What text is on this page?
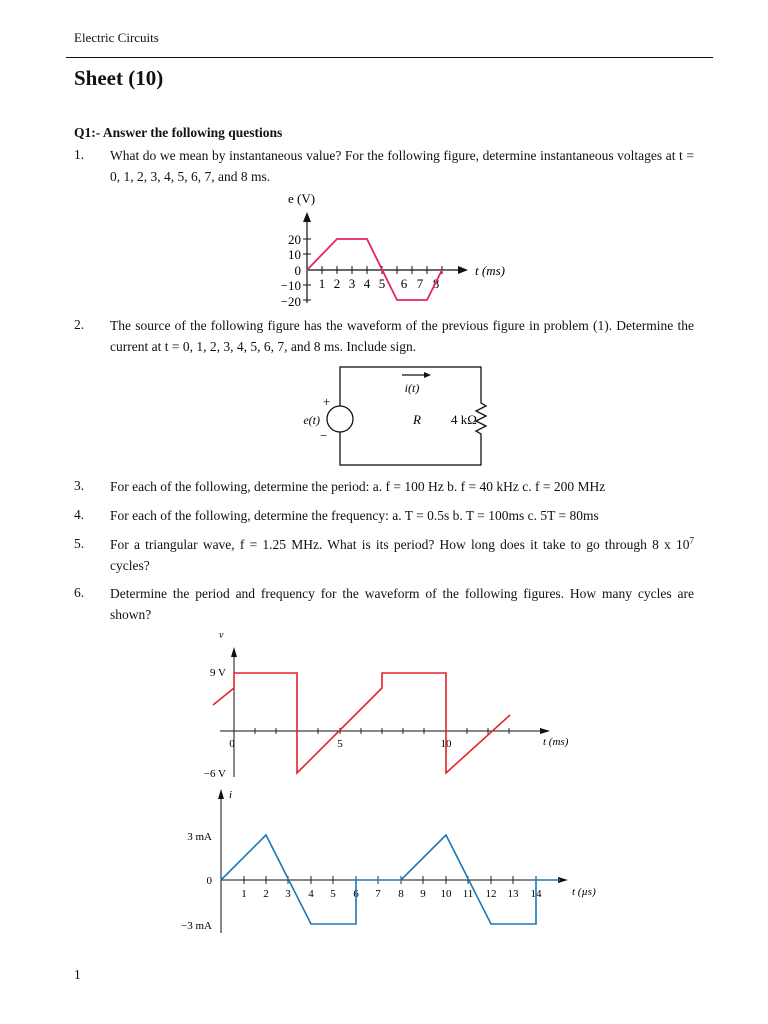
Electric Circuits
Sheet (10)
Q1:- Answer the following questions
1. What do we mean by instantaneous value? For the following figure, determine instantaneous voltages at t = 0, 1, 2, 3, 4, 5, 6, 7, and 8 ms.
e (V)
20
10
0
−10
−20
1 2 3 4 5 6 7 8
t (ms)
2. The source of the following figure has the waveform of the previous figure in problem (1). Determine the current at t = 0, 1, 2, 3, 4, 5, 6, 7, and 8 ms. Include sign.
i(t)
+
−
e(t)	R 4 kΩ
3. For each of the following, determine the period: a. f = 100 Hz b. f = 40 kHz c. f = 200 MHz
4. For each of the following, determine the frequency: a. T = 0.5s b. T = 100ms c. 5T = 80ms
5. For a triangular wave, f = 1.25 MHz. What is its period? How long does it take to go through 8 x $10^7$ cycles?
6. Determine the period and frequency for the waveform of the following figures. How many cycles are shown?
v
9 V
−6 V
0	5	10	t (ms)
i
3 mA
0
−3 mA
1 2 3 4 5 6 7 8 9 10 11 12 13 14	t (µs)
1
